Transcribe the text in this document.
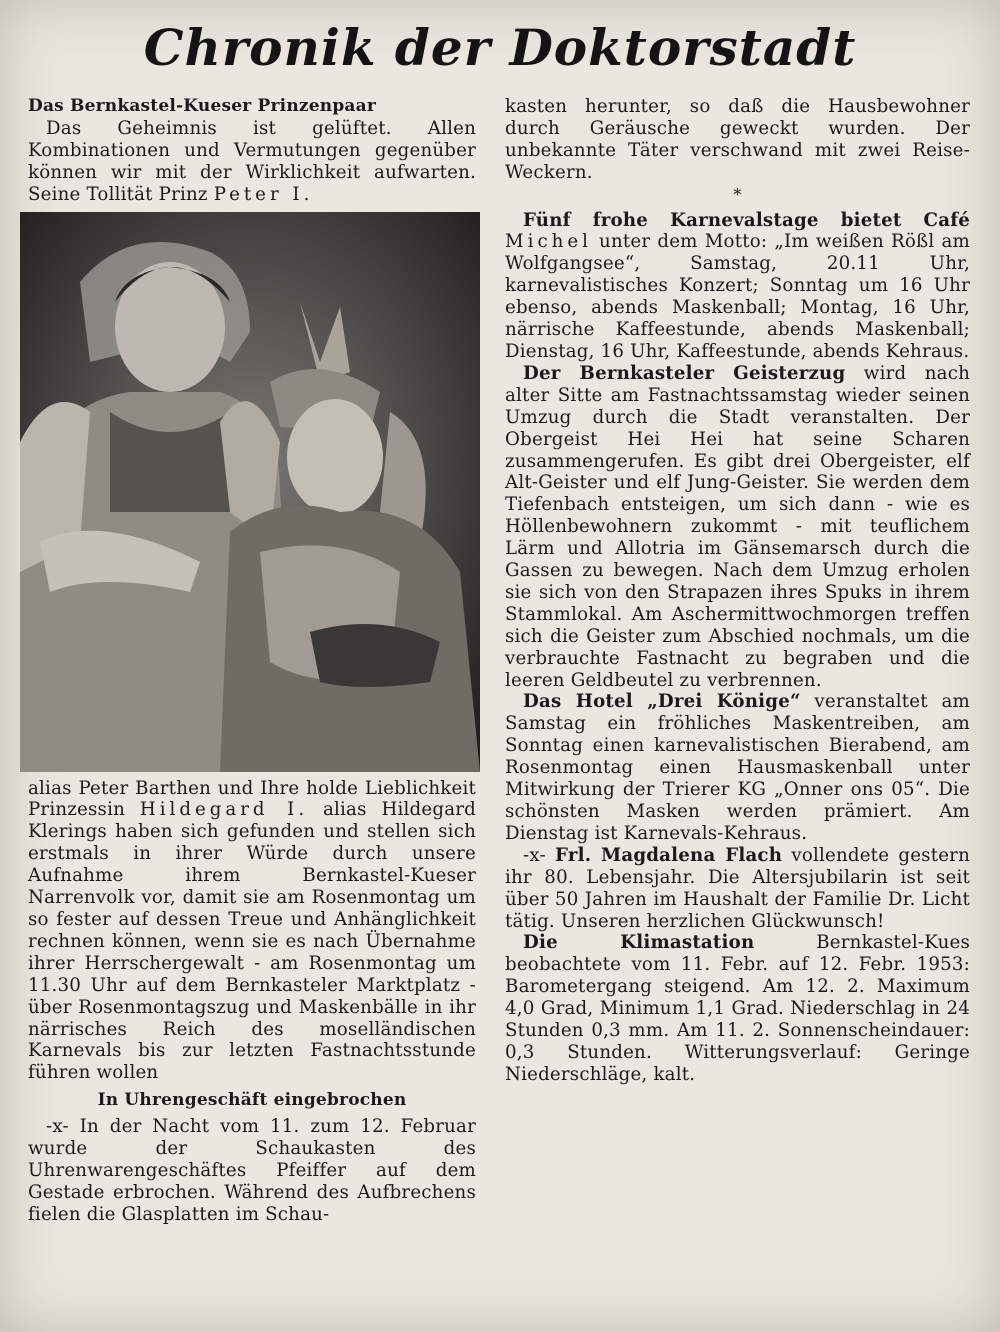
Chronik der Doktorstadt

Das Bernkastel-Kueser Prinzenpaar

Das Geheimnis ist gelüftet. Allen Kombinationen und Vermutungen gegenüber können wir mit der Wirklichkeit aufwarten. Seine Tollität Prinz Peter I.

alias Peter Barthen und Ihre holde Lieblichkeit Prinzessin Hildegard I. alias Hildegard Klerings haben sich gefunden und stellen sich erstmals in ihrer Würde durch unsere Aufnahme ihrem Bernkastel-Kueser Narrenvolk vor, damit sie am Rosenmontag um so fester auf dessen Treue und Anhänglichkeit rechnen können, wenn sie es nach Übernahme ihrer Herrschergewalt - am Rosenmontag um 11.30 Uhr auf dem Bernkasteler Marktplatz - über Rosenmontagszug und Maskenbälle in ihr närrisches Reich des moselländischen Karnevals bis zur letzten Fastnachtsstunde führen wollen

In Uhrengeschäft eingebrochen

-x- In der Nacht vom 11. zum 12. Februar wurde der Schaukasten des Uhrenwarengeschäftes Pfeiffer auf dem Gestade erbrochen. Während des Aufbrechens fielen die Glasplatten im Schau-

kasten herunter, so daß die Hausbewohner durch Geräusche geweckt wurden. Der unbekannte Täter verschwand mit zwei Reise-Weckern.

*

Fünf frohe Karnevalstage bietet Café Michel unter dem Motto: „Im weißen Rößl am Wolfgangsee“, Samstag, 20.11 Uhr, karnevalistisches Konzert; Sonntag um 16 Uhr ebenso, abends Maskenball; Montag, 16 Uhr, närrische Kaffeestunde, abends Maskenball; Dienstag, 16 Uhr, Kaffeestunde, abends Kehraus.

Der Bernkasteler Geisterzug wird nach alter Sitte am Fastnachtssamstag wieder seinen Umzug durch die Stadt veranstalten. Der Obergeist Hei Hei hat seine Scharen zusammengerufen. Es gibt drei Obergeister, elf Alt-Geister und elf Jung-Geister. Sie werden dem Tiefenbach entsteigen, um sich dann - wie es Höllenbewohnern zukommt - mit teuflichem Lärm und Allotria im Gänsemarsch durch die Gassen zu bewegen. Nach dem Umzug erholen sie sich von den Strapazen ihres Spuks in ihrem Stammlokal. Am Aschermittwochmorgen treffen sich die Geister zum Abschied nochmals, um die verbrauchte Fastnacht zu begraben und die leeren Geldbeutel zu verbrennen.

Das Hotel „Drei Könige“ veranstaltet am Samstag ein fröhliches Maskentreiben, am Sonntag einen karnevalistischen Bierabend, am Rosenmontag einen Hausmaskenball unter Mitwirkung der Trierer KG „Onner ons 05“. Die schönsten Masken werden prämiert. Am Dienstag ist Karnevals-Kehraus.

-x- Frl. Magdalena Flach vollendete gestern ihr 80. Lebensjahr. Die Altersjubilarin ist seit über 50 Jahren im Haushalt der Familie Dr. Licht tätig. Unseren herzlichen Glückwunsch!

Die Klimastation	Bernkastel-Kues beobachtete vom 11. Febr. auf 12. Febr. 1953: Barometergang steigend. Am 12. 2. Maximum 4,0 Grad, Minimum 1,1 Grad. Niederschlag in 24 Stunden 0,3 mm. Am 11. 2. Sonnenscheindauer: 0,3 Stunden. Witterungsverlauf: Geringe Niederschläge, kalt.
